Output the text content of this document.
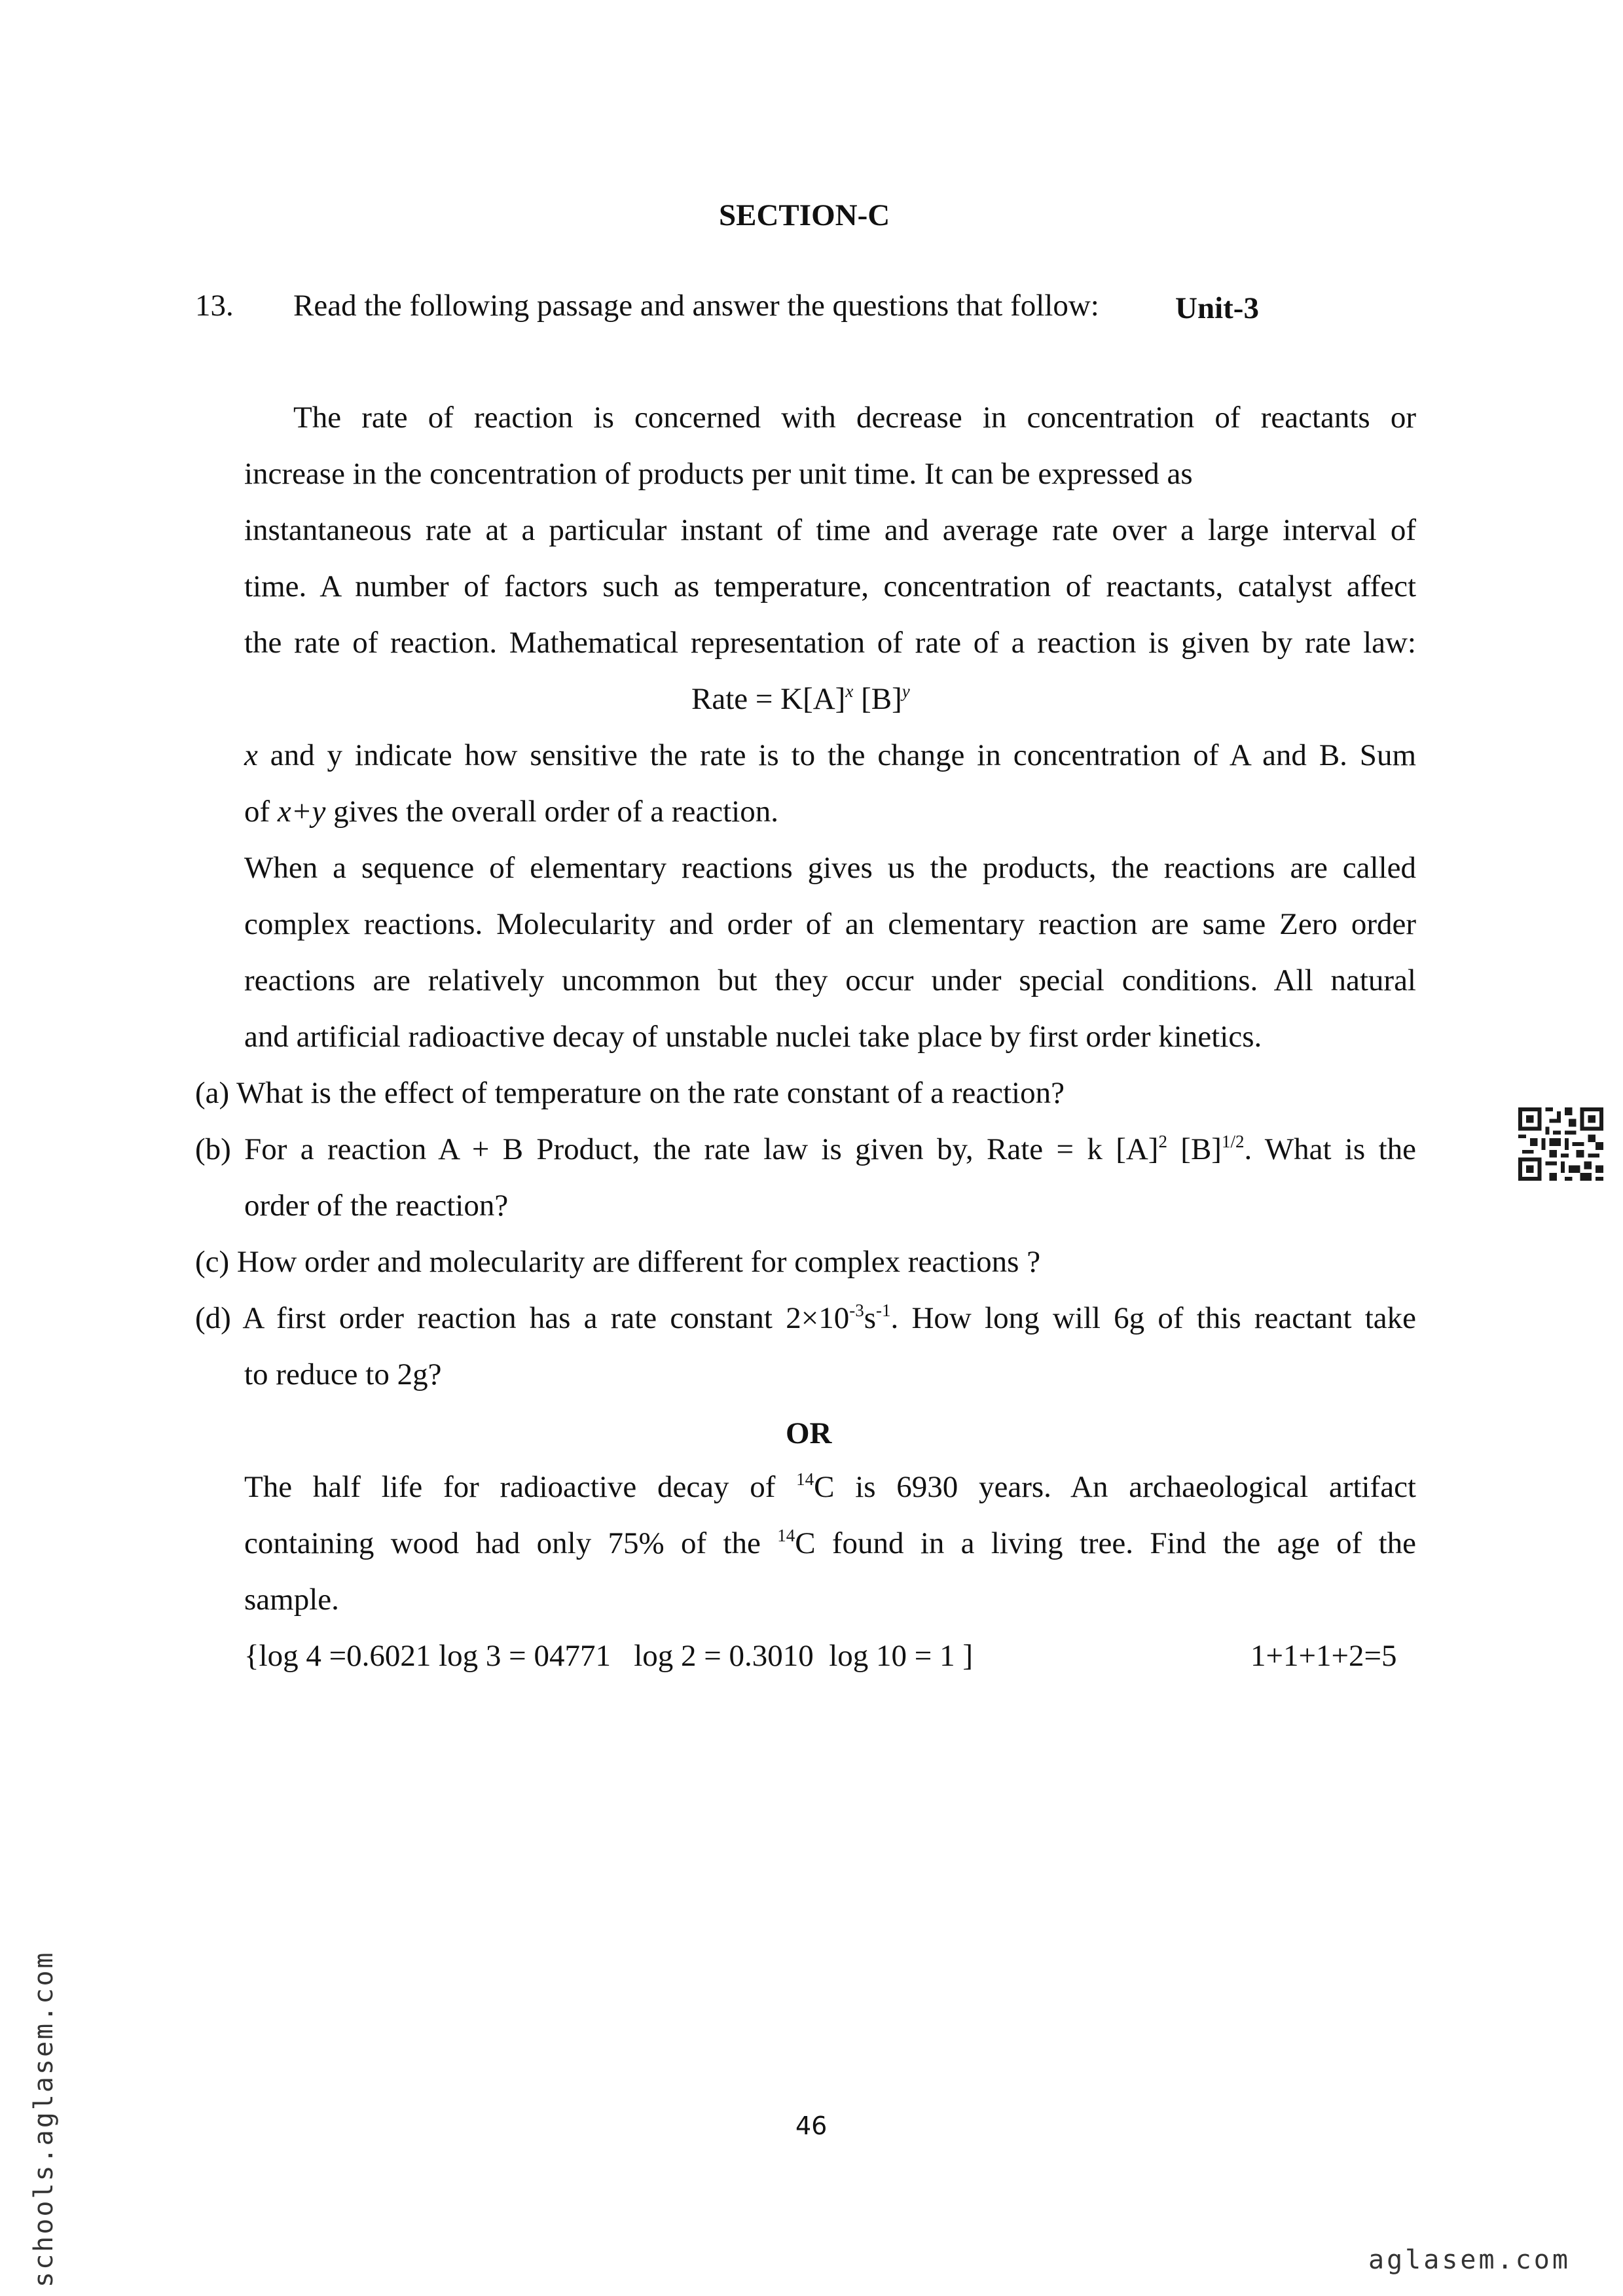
SECTION-C
13. Read the following passage and answer the questions that follow: Unit-3
The rate of reaction is concerned with decrease in concentration of reactants or
increase in the concentration of products per unit time. It can be expressed as
instantaneous rate at a particular instant of time and average rate over a large interval of
time. A number of factors such as temperature, concentration of reactants, catalyst affect
the rate of reaction. Mathematical representation of rate of a reaction is given by rate law:
Rate = $K[A]^x$ $[B]^y$
x and y indicate how sensitive the rate is to the change in concentration of A and B. Sum
of x+y gives the overall order of a reaction.
When a sequence of elementary reactions gives us the products, the reactions are called
complex reactions. Molecularity and order of an clementary reaction are same Zero order
reactions are relatively uncommon but they occur under special conditions. All natural
and artificial radioactive decay of unstable nuclei take place by first order kinetics.
(a) What is the effect of temperature on the rate constant of a reaction?
(b) For a reaction A + B Product, the rate law is given by, Rate = k $[A]^2$ $[B]^{1/2}$. What is the
order of the reaction?
(c) How order and molecularity are different for complex reactions ?
(d) A first order reaction has a rate constant $2\times 10^{-3}s^{-1}$. How long will 6g of this reactant take
to reduce to 2g?
OR
The half life for radioactive decay of $^{14}$C is 6930 years. An archaeological artifact
containing wood had only 75% of the $^{14}$C found in a living tree. Find the age of the
sample.
{log 4 =0.6021 log 3 = 04771   log 2 = 0.3010  log 10 = 1 ]	1+1+1+2=5
46
schools.aglasem.com	aglasem.com
